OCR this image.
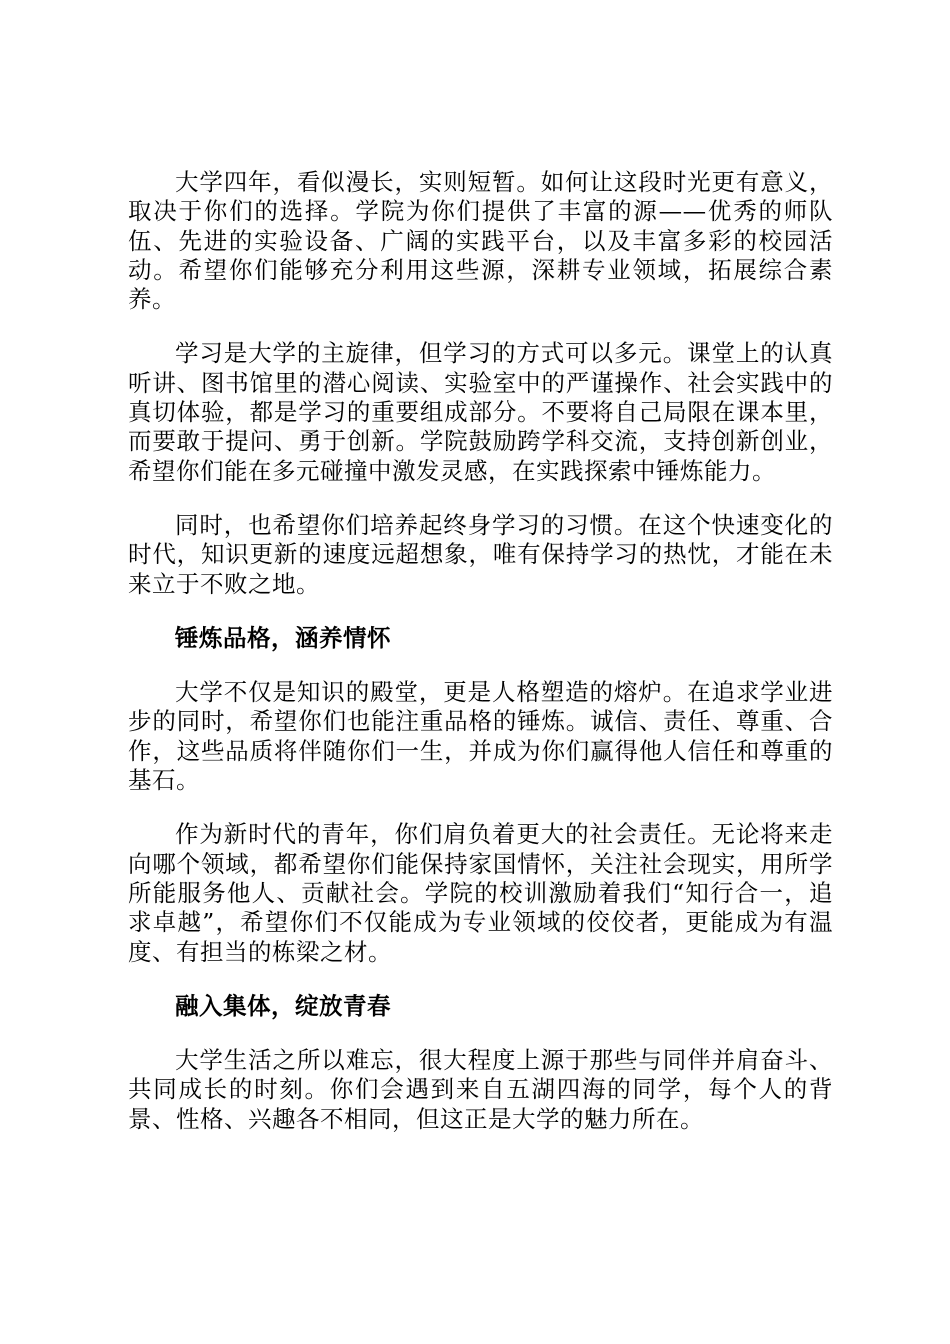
大学四年，看似漫长，实则短暂。如何让这段时光更有意义，取决于你们的选择。学院为你们提供了丰富的源——优秀的师队伍、先进的实验设备、广阔的实践平台，以及丰富多彩的校园活动。希望你们能够充分利用这些源，深耕专业领域，拓展综合素养。

学习是大学的主旋律，但学习的方式可以多元。课堂上的认真听讲、图书馆里的潜心阅读、实验室中的严谨操作、社会实践中的真切体验，都是学习的重要组成部分。不要将自己局限在课本里，而要敢于提问、勇于创新。学院鼓励跨学科交流，支持创新创业，希望你们能在多元碰撞中激发灵感，在实践探索中锤炼能力。

同时，也希望你们培养起终身学习的习惯。在这个快速变化的时代，知识更新的速度远超想象，唯有保持学习的热忱，才能在未来立于不败之地。

锤炼品格，涵养情怀

大学不仅是知识的殿堂，更是人格塑造的熔炉。在追求学业进步的同时，希望你们也能注重品格的锤炼。诚信、责任、尊重、合作，这些品质将伴随你们一生，并成为你们赢得他人信任和尊重的基石。

作为新时代的青年，你们肩负着更大的社会责任。无论将来走向哪个领域，都希望你们能保持家国情怀，关注社会现实，用所学所能服务他人、贡献社会。学院的校训激励着我们“知行合一，追求卓越”，希望你们不仅能成为专业领域的佼佼者，更能成为有温度、有担当的栋梁之材。

融入集体，绽放青春

大学生活之所以难忘，很大程度上源于那些与同伴并肩奋斗、共同成长的时刻。你们会遇到来自五湖四海的同学，每个人的背景、性格、兴趣各不相同，但这正是大学的魅力所在。
